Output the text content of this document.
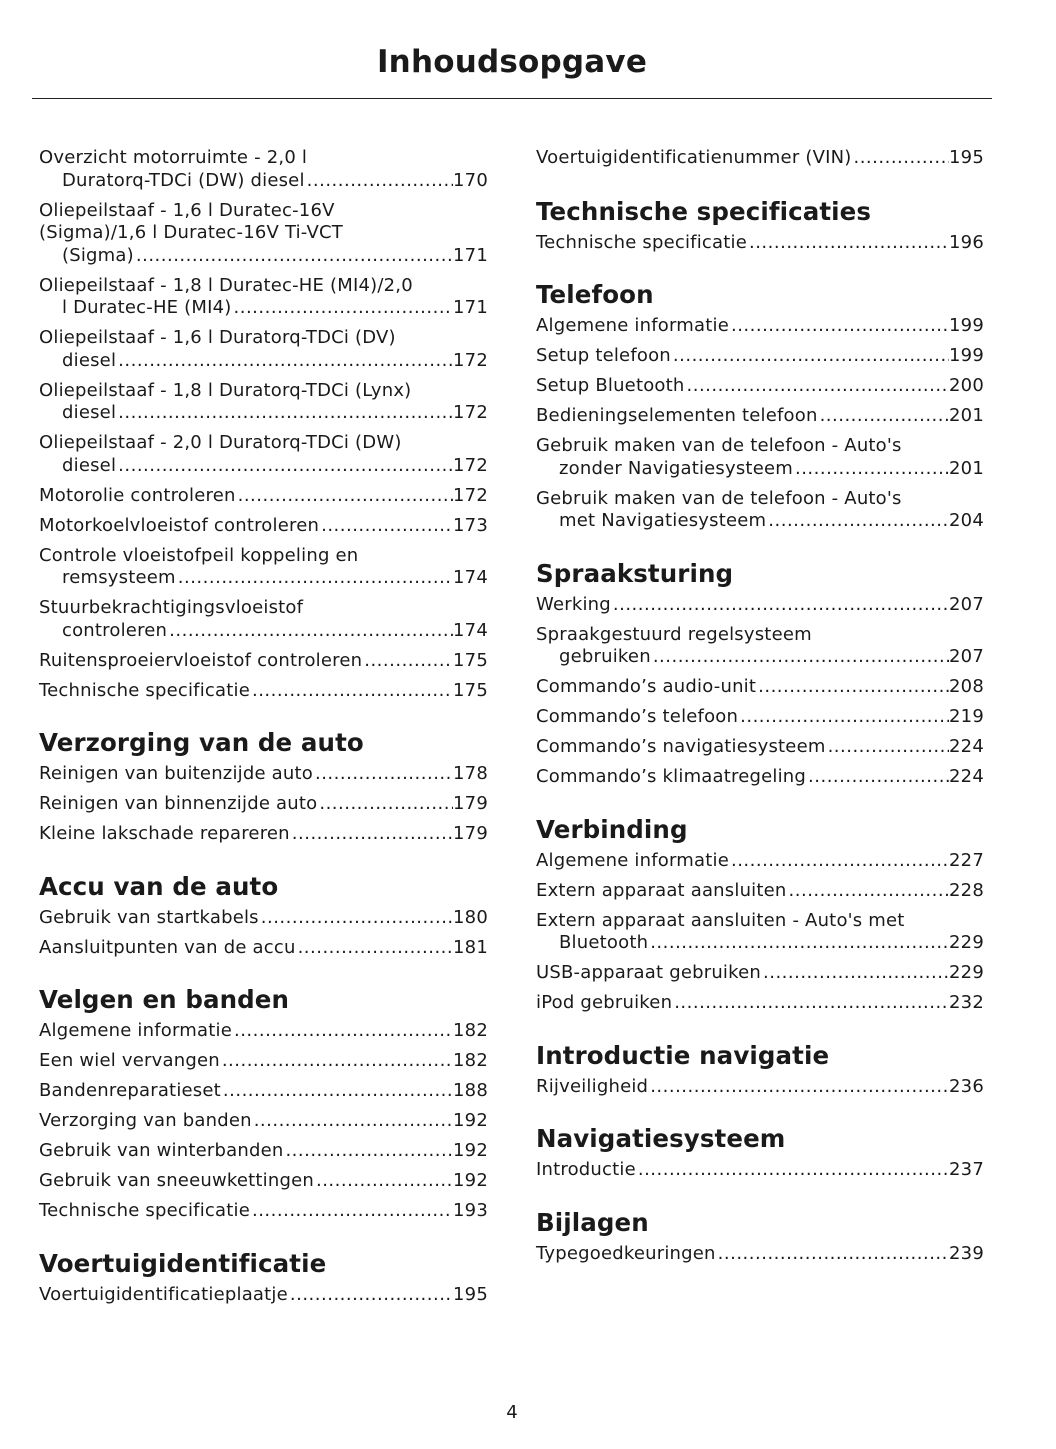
Inhoudsopgave
Overzicht motorruimte - 2,0 l
Duratorq-TDCi (DW) diesel .....	170
Oliepeilstaaf - 1,6 l Duratec-16V
(Sigma)/1,6 l Duratec-16V Ti-VCT
(Sigma) .....	171
Oliepeilstaaf - 1,8 l Duratec-HE (MI4)/2,0
l Duratec-HE (MI4) .....	171
Oliepeilstaaf - 1,6 l Duratorq-TDCi (DV)
diesel .....	172
Oliepeilstaaf - 1,8 l Duratorq-TDCi (Lynx)
diesel .....	172
Oliepeilstaaf - 2,0 l Duratorq-TDCi (DW)
diesel .....	172
Motorolie controleren .....	172
Motorkoelvloeistof controleren .....	173
Controle vloeistofpeil koppeling en
remsysteem .....	174
Stuurbekrachtigingsvloeistof
controleren .....	174
Ruitensproeiervloeistof controleren .....	175
Technische specificatie .....	175
Verzorging van de auto
Reinigen van buitenzijde auto .....	178
Reinigen van binnenzijde auto .....	179
Kleine lakschade repareren .....	179
Accu van de auto
Gebruik van startkabels .....	180
Aansluitpunten van de accu .....	181
Velgen en banden
Algemene informatie .....	182
Een wiel vervangen .....	182
Bandenreparatieset .....	188
Verzorging van banden .....	192
Gebruik van winterbanden .....	192
Gebruik van sneeuwkettingen .....	192
Technische specificatie .....	193
Voertuigidentificatie
Voertuigidentificatieplaatje .....	195
Voertuigidentificatienummer (VIN) .....	195
Technische specificaties
Technische specificatie .....	196
Telefoon
Algemene informatie .....	199
Setup telefoon .....	199
Setup Bluetooth .....	200
Bedieningselementen telefoon .....	201
Gebruik maken van de telefoon - Auto's
zonder Navigatiesysteem .....	201
Gebruik maken van de telefoon - Auto's
met Navigatiesysteem .....	204
Spraaksturing
Werking .....	207
Spraakgestuurd regelsysteem
gebruiken .....	207
Commando’s audio-unit .....	208
Commando’s telefoon .....	219
Commando’s navigatiesysteem .....	224
Commando’s klimaatregeling .....	224
Verbinding
Algemene informatie .....	227
Extern apparaat aansluiten .....	228
Extern apparaat aansluiten - Auto's met
Bluetooth .....	229
USB-apparaat gebruiken .....	229
iPod gebruiken .....	232
Introductie navigatie
Rijveiligheid .....	236
Navigatiesysteem
Introductie .....	237
Bijlagen
Typegoedkeuringen .....	239
4
